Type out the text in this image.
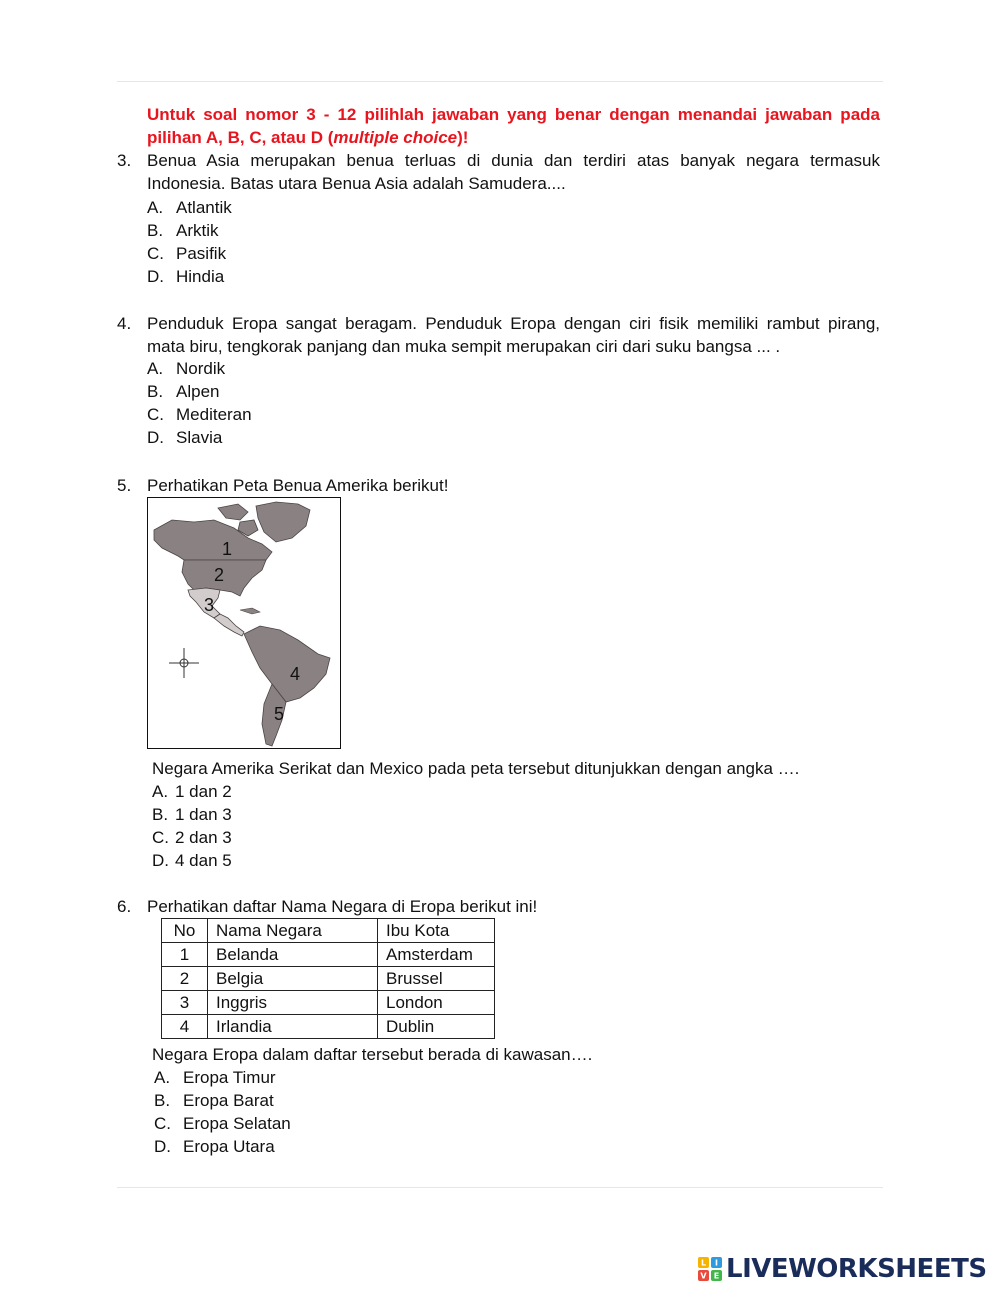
Untuk soal nomor 3 - 12 pilihlah jawaban yang benar dengan menandai jawaban pada pilihan A, B, C, atau D (multiple choice)!
3. Benua Asia merupakan benua terluas di dunia dan terdiri atas banyak negara termasuk Indonesia. Batas utara Benua Asia adalah Samudera....
A. Atlantik
B. Arktik
C. Pasifik
D. Hindia
4. Penduduk Eropa sangat beragam. Penduduk Eropa dengan ciri fisik memiliki rambut pirang, mata biru, tengkorak panjang dan muka sempit merupakan ciri dari suku bangsa ... .
A. Nordik
B. Alpen
C. Mediteran
D. Slavia
5. Perhatikan Peta Benua Amerika berikut!
1
2
3
4
5
Negara Amerika Serikat dan Mexico pada peta tersebut ditunjukkan dengan angka ….
A. 1 dan 2
B. 1 dan 3
C. 2 dan 3
D. 4 dan 5
6. Perhatikan daftar Nama Negara di Eropa berikut ini!
No	Nama Negara	Ibu Kota
1	Belanda	Amsterdam
2	Belgia	Brussel
3	Inggris	London
4	Irlandia	Dublin
Negara Eropa dalam daftar tersebut berada di kawasan….
A. Eropa Timur
B. Eropa Barat
C. Eropa Selatan
D. Eropa Utara
L I
V E LIVEWORKSHEETS
